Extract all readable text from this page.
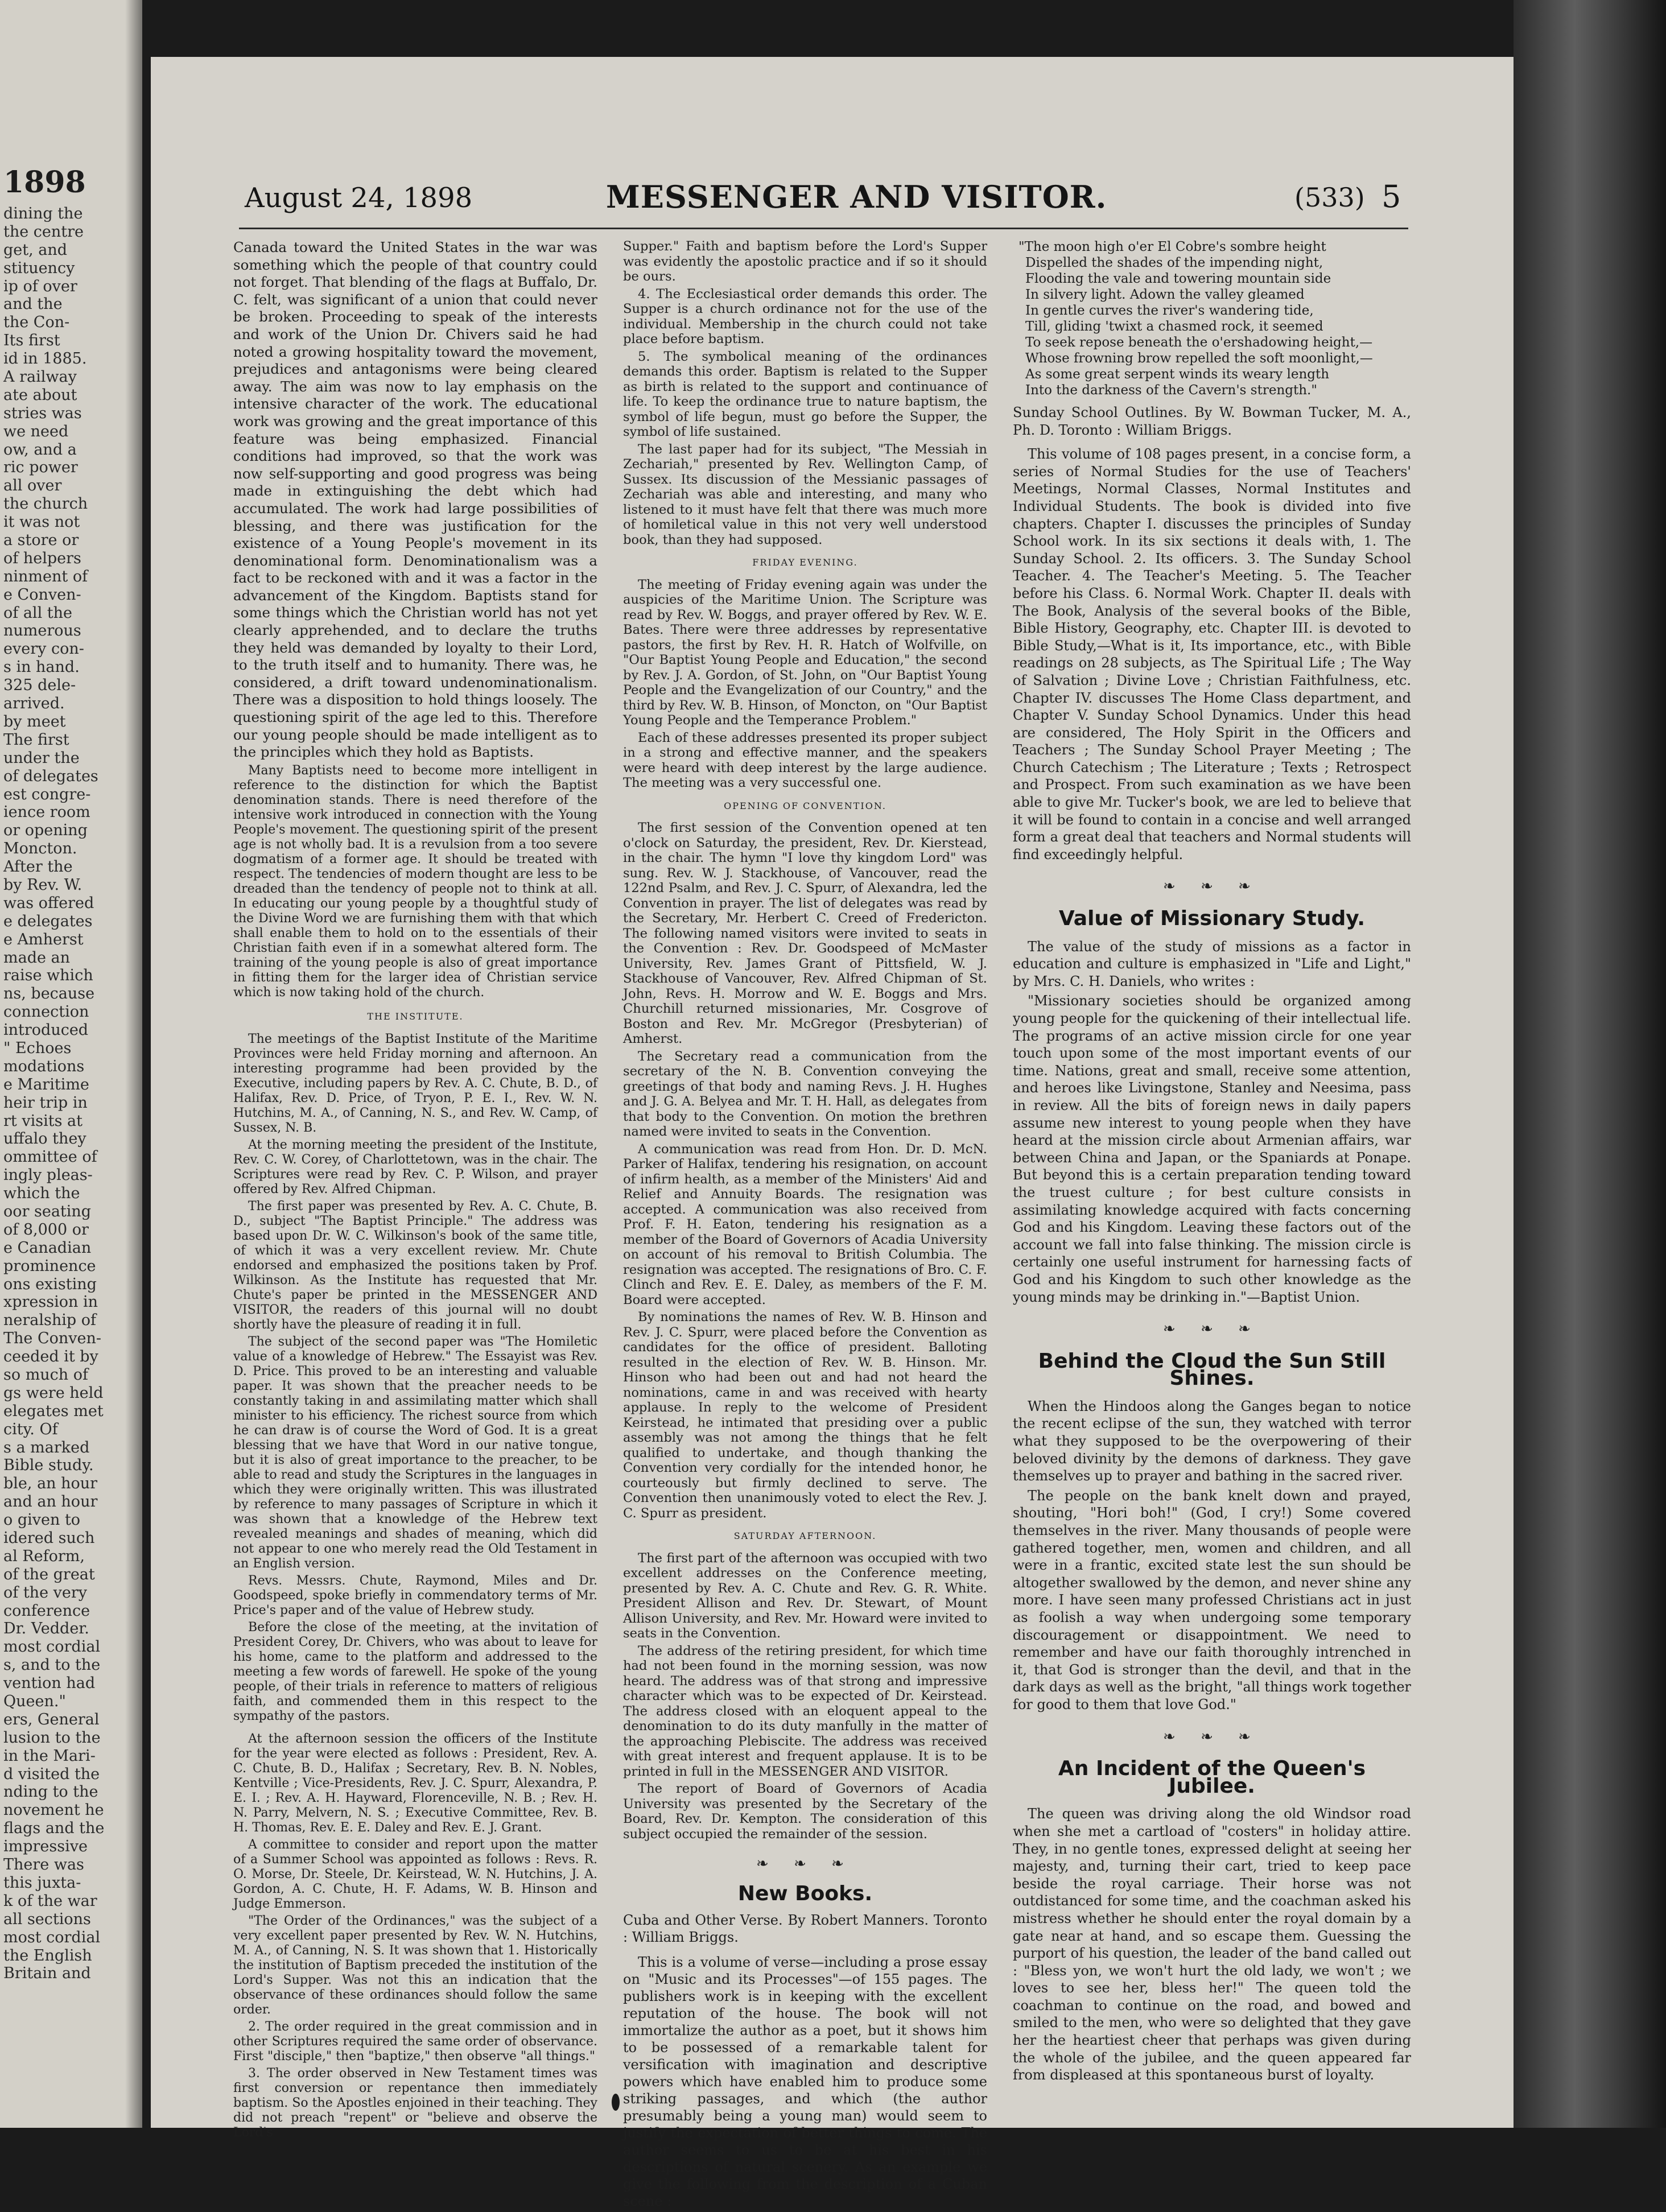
1898
dining the
the centre
get, and
stituency
ip of over
and the
the Con-
Its first
id in 1885.
A railway
ate about
stries was
we need
ow, and a
ric power
all over
the church
it was not
a store or
of helpers
ninment of
e Conven-
of all the
numerous
every con-
s in hand.
325 dele-
arrived.
by meet
The first
under the
of delegates
est congre-
ience room
or opening
Moncton.
After the
by Rev. W.
was offered
e delegates
e Amherst
made an
raise which
ns, because
connection
introduced
" Echoes
modations
e Maritime
heir trip in
rt visits at
uffalo they
ommittee of
ingly pleas-
which the
oor seating
of 8,000 or
e Canadian
prominence
ons existing
xpression in
neralship of
The Conven-
ceeded it by
so much of
gs were held
elegates met
city. Of
s a marked
Bible study.
ble, an hour
and an hour
o given to
idered such
al Reform,
of the great
of the very
conference
Dr. Vedder.
most cordial
s, and to the
vention had
Queen."
ers, General
lusion to the
in the Mari-
d visited the
nding to the
novement he
flags and the
impressive
There was
this juxta-
k of the war
all sections
most cordial
the English
Britain and
August 24, 1898	MESSENGER AND VISITOR.	(533) 5

Canada toward the United States in the war was something which the people of that country could not forget. That blending of the flags at Buffalo, Dr. C. felt, was significant of a union that could never be broken. Proceeding to speak of the interests and work of the Union Dr. Chivers said he had noted a growing hospitality toward the movement, prejudices and antagonisms were being cleared away. The aim was now to lay emphasis on the intensive character of the work. The educational work was growing and the great importance of this feature was being emphasized. Financial conditions had improved, so that the work was now self-supporting and good progress was being made in extinguishing the debt which had accumulated. The work had large possibilities of blessing, and there was justification for the existence of a Young People's movement in its denominational form. Denominationalism was a fact to be reckoned with and it was a factor in the advancement of the Kingdom. Baptists stand for some things which the Christian world has not yet clearly apprehended, and to declare the truths they held was demanded by loyalty to their Lord, to the truth itself and to humanity. There was, he considered, a drift toward undenominationalism. There was a disposition to hold things loosely. The questioning spirit of the age led to this. Therefore our young people should be made intelligent as to the principles which they hold as Baptists.

Many Baptists need to become more intelligent in reference to the distinction for which the Baptist denomination stands. There is need therefore of the intensive work introduced in connection with the Young People's movement. The questioning spirit of the present age is not wholly bad. It is a revulsion from a too severe dogmatism of a former age. It should be treated with respect. The tendencies of modern thought are less to be dreaded than the tendency of people not to think at all. In educating our young people by a thoughtful study of the Divine Word we are furnishing them with that which shall enable them to hold on to the essentials of their Christian faith even if in a somewhat altered form. The training of the young people is also of great importance in fitting them for the larger idea of Christian service which is now taking hold of the church.

THE INSTITUTE.

The meetings of the Baptist Institute of the Maritime Provinces were held Friday morning and afternoon. An interesting programme had been provided by the Executive, including papers by Rev. A. C. Chute, B. D., of Halifax, Rev. D. Price, of Tryon, P. E. I., Rev. W. N. Hutchins, M. A., of Canning, N. S., and Rev. W. Camp, of Sussex, N. B.

At the morning meeting the president of the Institute, Rev. C. W. Corey, of Charlottetown, was in the chair. The Scriptures were read by Rev. C. P. Wilson, and prayer offered by Rev. Alfred Chipman.

The first paper was presented by Rev. A. C. Chute, B. D., subject "The Baptist Principle." The address was based upon Dr. W. C. Wilkinson's book of the same title, of which it was a very excellent review. Mr. Chute endorsed and emphasized the positions taken by Prof. Wilkinson. As the Institute has requested that Mr. Chute's paper be printed in the MESSENGER AND VISITOR, the readers of this journal will no doubt shortly have the pleasure of reading it in full.

The subject of the second paper was "The Homiletic value of a knowledge of Hebrew." The Essayist was Rev. D. Price. This proved to be an interesting and valuable paper. It was shown that the preacher needs to be constantly taking in and assimilating matter which shall minister to his efficiency. The richest source from which he can draw is of course the Word of God. It is a great blessing that we have that Word in our native tongue, but it is also of great importance to the preacher, to be able to read and study the Scriptures in the languages in which they were originally written. This was illustrated by reference to many passages of Scripture in which it was shown that a knowledge of the Hebrew text revealed meanings and shades of meaning, which did not appear to one who merely read the Old Testament in an English version.

Revs. Messrs. Chute, Raymond, Miles and Dr. Goodspeed, spoke briefly in commendatory terms of Mr. Price's paper and of the value of Hebrew study.

Before the close of the meeting, at the invitation of President Corey, Dr. Chivers, who was about to leave for his home, came to the platform and addressed to the meeting a few words of farewell. He spoke of the young people, of their trials in reference to matters of religious faith, and commended them in this respect to the sympathy of the pastors.

At the afternoon session the officers of the Institute for the year were elected as follows : President, Rev. A. C. Chute, B. D., Halifax ; Secretary, Rev. B. N. Nobles, Kentville ; Vice-Presidents, Rev. J. C. Spurr, Alexandra, P. E. I. ; Rev. A. H. Hayward, Florenceville, N. B. ; Rev. H. N. Parry, Melvern, N. S. ; Executive Committee, Rev. B. H. Thomas, Rev. E. E. Daley and Rev. E. J. Grant.

A committee to consider and report upon the matter of a Summer School was appointed as follows : Revs. R. O. Morse, Dr. Steele, Dr. Keirstead, W. N. Hutchins, J. A. Gordon, A. C. Chute, H. F. Adams, W. B. Hinson and Judge Emmerson.

"The Order of the Ordinances," was the subject of a very excellent paper presented by Rev. W. N. Hutchins, M. A., of Canning, N. S. It was shown that 1. Historically the institution of Baptism preceded the institution of the Lord's Supper. Was not this an indication that the observance of these ordinances should follow the same order.

2. The order required in the great commission and in other Scriptures required the same order of observance. First "disciple," then "baptize," then observe "all things."

3. The order observed in New Testament times was first conversion or repentance then immediately baptism. So the Apostles enjoined in their teaching. They did not preach "repent" or "believe and observe the Lord's

Supper." Faith and baptism before the Lord's Supper was evidently the apostolic practice and if so it should be ours.

4. The Ecclesiastical order demands this order. The Supper is a church ordinance not for the use of the individual. Membership in the church could not take place before baptism.

5. The symbolical meaning of the ordinances demands this order. Baptism is related to the Supper as birth is related to the support and continuance of life. To keep the ordinance true to nature baptism, the symbol of life begun, must go before the Supper, the symbol of life sustained.

The last paper had for its subject, "The Messiah in Zechariah," presented by Rev. Wellington Camp, of Sussex. Its discussion of the Messianic passages of Zechariah was able and interesting, and many who listened to it must have felt that there was much more of homiletical value in this not very well understood book, than they had supposed.

FRIDAY EVENING.

The meeting of Friday evening again was under the auspicies of the Maritime Union. The Scripture was read by Rev. W. Boggs, and prayer offered by Rev. W. E. Bates. There were three addresses by representative pastors, the first by Rev. H. R. Hatch of Wolfville, on "Our Baptist Young People and Education," the second by Rev. J. A. Gordon, of St. John, on "Our Baptist Young People and the Evangelization of our Country," and the third by Rev. W. B. Hinson, of Moncton, on "Our Baptist Young People and the Temperance Problem."

Each of these addresses presented its proper subject in a strong and effective manner, and the speakers were heard with deep interest by the large audience. The meeting was a very successful one.

OPENING OF CONVENTION.

The first session of the Convention opened at ten o'clock on Saturday, the president, Rev. Dr. Kierstead, in the chair. The hymn "I love thy kingdom Lord" was sung. Rev. W. J. Stackhouse, of Vancouver, read the 122nd Psalm, and Rev. J. C. Spurr, of Alexandra, led the Convention in prayer. The list of delegates was read by the Secretary, Mr. Herbert C. Creed of Fredericton. The following named visitors were invited to seats in the Convention : Rev. Dr. Goodspeed of McMaster University, Rev. James Grant of Pittsfield, W. J. Stackhouse of Vancouver, Rev. Alfred Chipman of St. John, Revs. H. Morrow and W. E. Boggs and Mrs. Churchill returned missionaries, Mr. Cosgrove of Boston and Rev. Mr. McGregor (Presbyterian) of Amherst.

The Secretary read a communication from the secretary of the N. B. Convention conveying the greetings of that body and naming Revs. J. H. Hughes and J. G. A. Belyea and Mr. T. H. Hall, as delegates from that body to the Convention. On motion the brethren named were invited to seats in the Convention.

A communication was read from Hon. Dr. D. McN. Parker of Halifax, tendering his resignation, on account of infirm health, as a member of the Ministers' Aid and Relief and Annuity Boards. The resignation was accepted. A communication was also received from Prof. F. H. Eaton, tendering his resignation as a member of the Board of Governors of Acadia University on account of his removal to British Columbia. The resignation was accepted. The resignations of Bro. C. F. Clinch and Rev. E. E. Daley, as members of the F. M. Board were accepted.

By nominations the names of Rev. W. B. Hinson and Rev. J. C. Spurr, were placed before the Convention as candidates for the office of president. Balloting resulted in the election of Rev. W. B. Hinson. Mr. Hinson who had been out and had not heard the nominations, came in and was received with hearty applause. In reply to the welcome of President Keirstead, he intimated that presiding over a public assembly was not among the things that he felt qualified to undertake, and though thanking the Convention very cordially for the intended honor, he courteously but firmly declined to serve. The Convention then unanimously voted to elect the Rev. J. C. Spurr as president.

SATURDAY AFTERNOON.

The first part of the afternoon was occupied with two excellent addresses on the Conference meeting, presented by Rev. A. C. Chute and Rev. G. R. White. President Allison and Rev. Dr. Stewart, of Mount Allison University, and Rev. Mr. Howard were invited to seats in the Convention.

The address of the retiring president, for which time had not been found in the morning session, was now heard. The address was of that strong and impressive character which was to be expected of Dr. Keirstead. The address closed with an eloquent appeal to the denomination to do its duty manfully in the matter of the approaching Plebiscite. The address was received with great interest and frequent applause. It is to be printed in full in the MESSENGER AND VISITOR.

The report of Board of Governors of Acadia University was presented by the Secretary of the Board, Rev. Dr. Kempton. The consideration of this subject occupied the remainder of the session.

❧ ❧ ❧
New Books.

Cuba and Other Verse. By Robert Manners. Toronto : William Briggs.

This is a volume of verse—including a prose essay on "Music and its Processes"—of 155 pages. The publishers work is in keeping with the excellent reputation of the house. The book will not immortalize the author as a poet, but it shows him to be possessed of a remarkable talent for versification with imagination and descriptive powers which have enabled him to produce some striking passages, and which (the author presumably being a young man) would seem to justify the expectation of better things to come. The author seems to us to be at his best in his descriptions of natural scenery. As an example we give the following from the description of a Cuban scene :

"The moon high o'er El Cobre's sombre height
Dispelled the shades of the impending night,
Flooding the vale and towering mountain side
In silvery light. Adown the valley gleamed
In gentle curves the river's wandering tide,
Till, gliding 'twixt a chasmed rock, it seemed
To seek repose beneath the o'ershadowing height,—
Whose frowning brow repelled the soft moonlight,—
As some great serpent winds its weary length
Into the darkness of the Cavern's strength."

Sunday School Outlines. By W. Bowman Tucker, M. A., Ph. D. Toronto : William Briggs.

This volume of 108 pages present, in a concise form, a series of Normal Studies for the use of Teachers' Meetings, Normal Classes, Normal Institutes and Individual Students. The book is divided into five chapters. Chapter I. discusses the principles of Sunday School work. In its six sections it deals with, 1. The Sunday School. 2. Its officers. 3. The Sunday School Teacher. 4. The Teacher's Meeting. 5. The Teacher before his Class. 6. Normal Work. Chapter II. deals with The Book, Analysis of the several books of the Bible, Bible History, Geography, etc. Chapter III. is devoted to Bible Study,—What is it, Its importance, etc., with Bible readings on 28 subjects, as The Spiritual Life ; The Way of Salvation ; Divine Love ; Christian Faithfulness, etc. Chapter IV. discusses The Home Class department, and Chapter V. Sunday School Dynamics. Under this head are considered, The Holy Spirit in the Officers and Teachers ; The Sunday School Prayer Meeting ; The Church Catechism ; The Literature ; Texts ; Retrospect and Prospect. From such examination as we have been able to give Mr. Tucker's book, we are led to believe that it will be found to contain in a concise and well arranged form a great deal that teachers and Normal students will find exceedingly helpful.

❧ ❧ ❧
Value of Missionary Study.

The value of the study of missions as a factor in education and culture is emphasized in "Life and Light," by Mrs. C. H. Daniels, who writes :

"Missionary societies should be organized among young people for the quickening of their intellectual life. The programs of an active mission circle for one year touch upon some of the most important events of our time. Nations, great and small, receive some attention, and heroes like Livingstone, Stanley and Neesima, pass in review. All the bits of foreign news in daily papers assume new interest to young people when they have heard at the mission circle about Armenian affairs, war between China and Japan, or the Spaniards at Ponape. But beyond this is a certain preparation tending toward the truest culture ; for best culture consists in assimilating knowledge acquired with facts concerning God and his Kingdom. Leaving these factors out of the account we fall into false thinking. The mission circle is certainly one useful instrument for harnessing facts of God and his Kingdom to such other knowledge as the young minds may be drinking in."—Baptist Union.

❧ ❧ ❧
Behind the Cloud the Sun Still Shines.

When the Hindoos along the Ganges began to notice the recent eclipse of the sun, they watched with terror what they supposed to be the overpowering of their beloved divinity by the demons of darkness. They gave themselves up to prayer and bathing in the sacred river.

The people on the bank knelt down and prayed, shouting, "Hori boh!" (God, I cry!) Some covered themselves in the river. Many thousands of people were gathered together, men, women and children, and all were in a frantic, excited state lest the sun should be altogether swallowed by the demon, and never shine any more. I have seen many professed Christians act in just as foolish a way when undergoing some temporary discouragement or disappointment. We need to remember and have our faith thoroughly intrenched in it, that God is stronger than the devil, and that in the dark days as well as the bright, "all things work together for good to them that love God."

❧ ❧ ❧
An Incident of the Queen's Jubilee.

The queen was driving along the old Windsor road when she met a cartload of "costers" in holiday attire. They, in no gentle tones, expressed delight at seeing her majesty, and, turning their cart, tried to keep pace beside the royal carriage. Their horse was not outdistanced for some time, and the coachman asked his mistress whether he should enter the royal domain by a gate near at hand, and so escape them. Guessing the purport of his question, the leader of the band called out : "Bless yon, we won't hurt the old lady, we won't ; we loves to see her, bless her!" The queen told the coachman to continue on the road, and bowed and smiled to the men, who were so delighted that they gave her the heartiest cheer that perhaps was given during the whole of the jubilee, and the queen appeared far from displeased at this spontaneous burst of loyalty.
